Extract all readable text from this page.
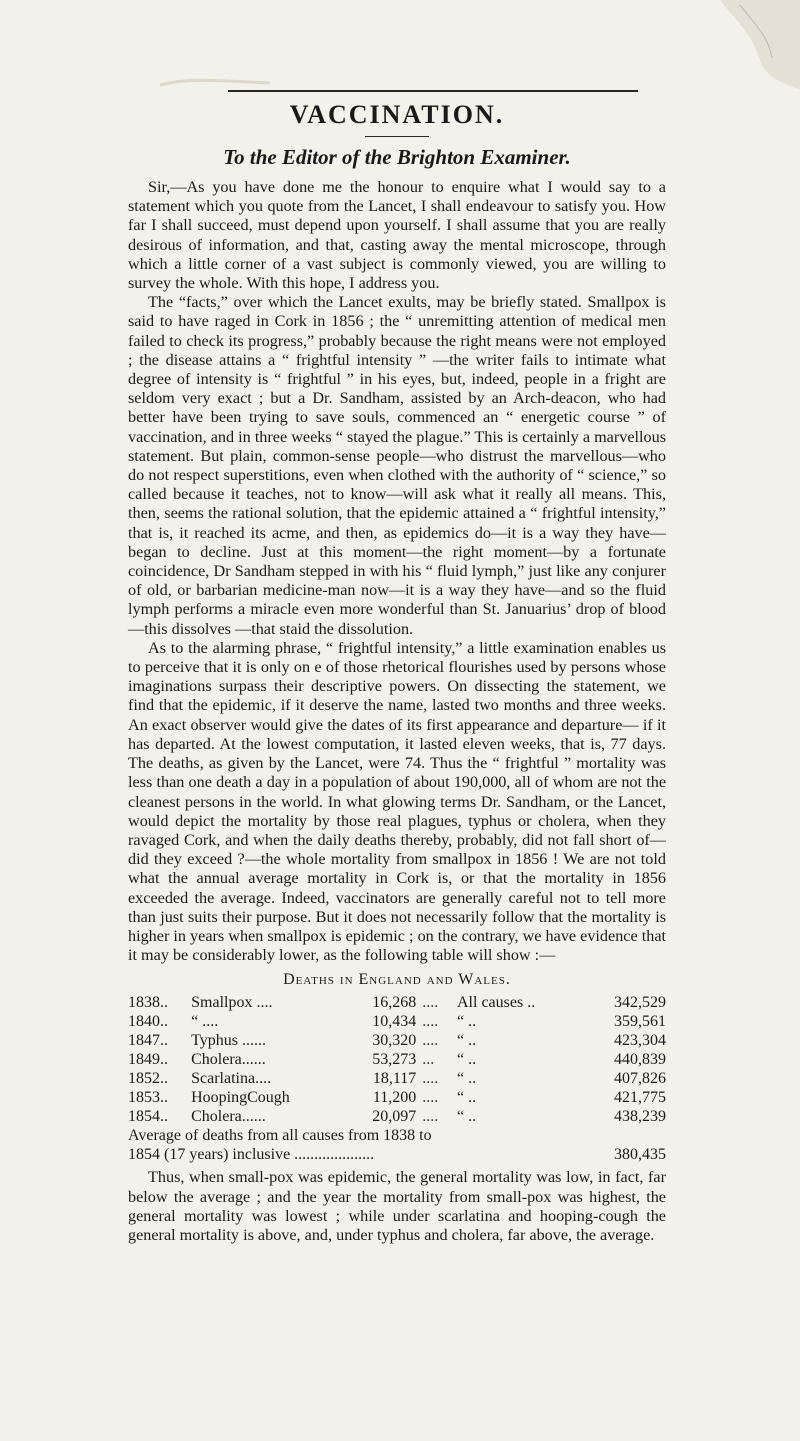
VACCINATION.
To the Editor of the Brighton Examiner.

Sir,—As you have done me the honour to enquire what I would say to a statement which you quote from the Lancet, I shall endeavour to satisfy you. How far I shall succeed, must depend upon yourself. I shall assume that you are really desirous of information, and that, casting away the mental microscope, through which a little corner of a vast subject is commonly viewed, you are willing to survey the whole. With this hope, I address you.

The “facts,” over which the Lancet exults, may be briefly stated. Smallpox is said to have raged in Cork in 1856 ; the “ unremitting attention of medical men failed to check its progress,” probably because the right means were not employed ; the disease attains a “ frightful intensity ” —the writer fails to intimate what degree of intensity is “ frightful ” in his eyes, but, indeed, people in a fright are seldom very exact ; but a Dr. Sandham, assisted by an Arch-deacon, who had better have been trying to save souls, commenced an “ energetic course ” of vaccination, and in three weeks “ stayed the plague.” This is certainly a marvellous statement. But plain, common-sense people—who distrust the marvellous—who do not respect superstitions, even when clothed with the authority of “ science,” so called because it teaches, not to know—will ask what it really all means. This, then, seems the rational solution, that the epidemic attained a “ frightful intensity,” that is, it reached its acme, and then, as epidemics do—it is a way they have—began to decline. Just at this moment—the right moment—by a fortunate coincidence, Dr Sandham stepped in with his “ fluid lymph,” just like any conjurer of old, or barbarian medicine-man now—it is a way they have—and so the fluid lymph performs a miracle even more wonderful than St. Januarius’ drop of blood—this dissolves —that staid the dissolution.

As to the alarming phrase, “ frightful intensity,” a little examination enables us to perceive that it is only on e of those rhetorical flourishes used by persons whose imaginations surpass their descriptive powers. On dissecting the statement, we find that the epidemic, if it deserve the name, lasted two months and three weeks. An exact observer would give the dates of its first appearance and departure— if it has departed. At the lowest computation, it lasted eleven weeks, that is, 77 days. The deaths, as given by the Lancet, were 74. Thus the “ frightful ” mortality was less than one death a day in a population of about 190,000, all of whom are not the cleanest persons in the world. In what glowing terms Dr. Sandham, or the Lancet, would depict the mortality by those real plagues, typhus or cholera, when they ravaged Cork, and when the daily deaths thereby, probably, did not fall short of—did they exceed ?—the whole mortality from smallpox in 1856 ! We are not told what the annual average mortality in Cork is, or that the mortality in 1856 exceeded the average. Indeed, vaccinators are generally careful not to tell more than just suits their purpose. But it does not necessarily follow that the mortality is higher in years when smallpox is epidemic ; on the contrary, we have evidence that it may be considerably lower, as the following table will show :—

Deaths in England and Wales.
1838..	Smallpox ....	16,268	....	All causes ..	342,529
1840..	“ ....	10,434	....	“ ..	359,561
1847..	Typhus ......	30,320	....	“ ..	423,304
1849..	Cholera......	53,273	...	“ ..	440,839
1852..	Scarlatina....	18,117	....	“ ..	407,826
1853..	HoopingCough	11,200	....	“ ..	421,775
1854..	Cholera......	20,097	....	“ ..	438,239
Average of deaths from all causes from 1838 to
1854 (17 years) inclusive ....................	380,435

Thus, when small-pox was epidemic, the general mortality was low, in fact, far below the average ; and the year the mortality from small-pox was highest, the general mortality was lowest ; while under scarlatina and hooping-cough the general mortality is above, and, under typhus and cholera, far above, the average.
